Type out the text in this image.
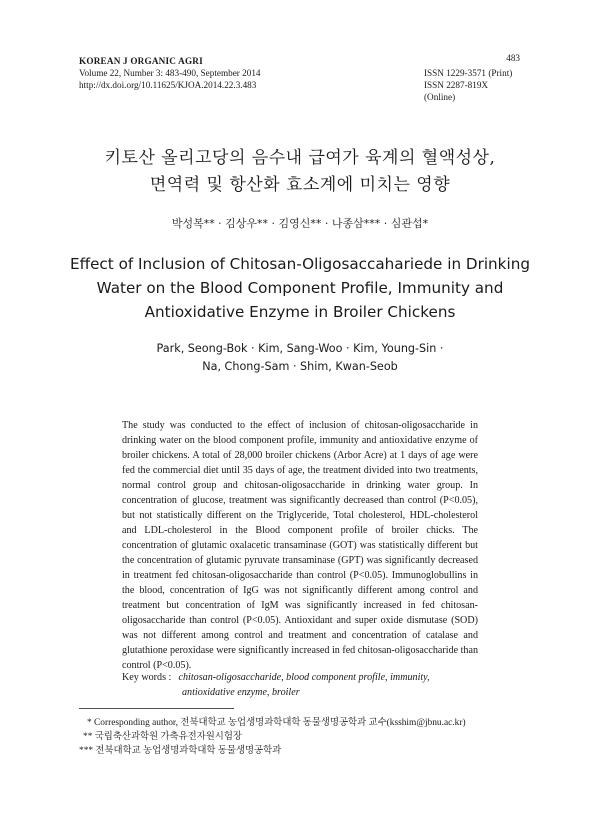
KOREAN J ORGANIC AGRI
Volume 22, Number 3: 483-490, September 2014
http://dx.doi.org/10.11625/KJOA.2014.22.3.483
483
ISSN 1229-3571 (Print)
ISSN 2287-819X (Online)
키토산 올리고당의 음수내 급여가 육계의 혈액성상,
면역력 및 항산화 효소계에 미치는 영향
박성복** · 김상우** · 김영신** · 나종삼*** · 심관섭*
Effect of Inclusion of Chitosan-Oligosaccahariede in Drinking
Water on the Blood Component Profile, Immunity and
Antioxidative Enzyme in Broiler Chickens
Park, Seong-Bok · Kim, Sang-Woo · Kim, Young-Sin ·
Na, Chong-Sam · Shim, Kwan-Seob
The study was conducted to the effect of inclusion of chitosan-oligosaccharide in drinking water on the blood component profile, immunity and antioxidative enzyme of broiler chickens. A total of 28,000 broiler chickens (Arbor Acre) at 1 days of age were fed the commercial diet until 35 days of age, the treatment divided into two treatments, normal control group and chitosan-oligosaccharide in drinking water group. In concentration of glucose, treatment was significantly decreased than control (P<0.05), but not statistically different on the Triglyceride, Total cholesterol, HDL-cholesterol and LDL-cholesterol in the Blood component profile of broiler chicks. The concentration of glutamic oxalacetic transaminase (GOT) was statistically different but the concentration of glutamic pyruvate transaminase (GPT) was significantly decreased in treatment fed chitosan-oligosaccharide than control (P<0.05). Immunoglobullins in the blood, concentration of IgG was not significantly different among control and treatment but concentration of IgM was significantly increased in fed chitosan-oligosaccharide than control (P<0.05). Antioxidant and super oxide dismutase (SOD) was not different among control and treatment and concentration of catalase and glutathione peroxidase were significantly increased in fed chitosan-oligosaccharide than control (P<0.05).
Key words : chitosan-oligosaccharide, blood component profile, immunity,
antioxidative enzyme, broiler
* Corresponding author, 전북대학교 농업생명과학대학 동물생명공학과 교수(ksshim@jbnu.ac.kr)
** 국립축산과학원 가축유전자원시험장
*** 전북대학교 농업생명과학대학 동물생명공학과
